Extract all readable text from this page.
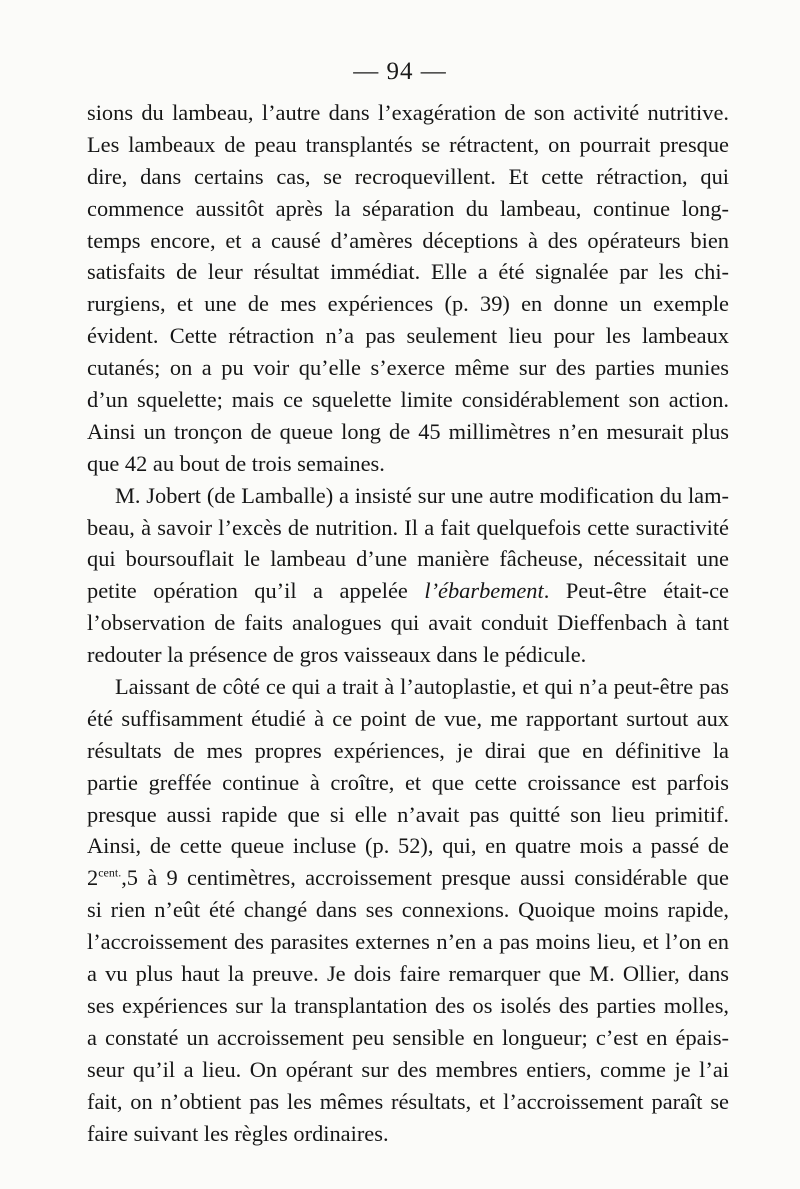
— 94 —
sions du lambeau, l’autre dans l’exagération de son activité nutritive.
Les lambeaux de peau transplantés se rétractent, on pourrait presque
dire, dans certains cas, se recroquevillent. Et cette rétraction, qui
commence aussitôt après la séparation du lambeau, continue long-
temps encore, et a causé d’amères déceptions à des opérateurs bien
satisfaits de leur résultat immédiat. Elle a été signalée par les chi-
rurgiens, et une de mes expériences (p. 39) en donne un exemple
évident. Cette rétraction n’a pas seulement lieu pour les lambeaux
cutanés; on a pu voir qu’elle s’exerce même sur des parties munies
d’un squelette; mais ce squelette limite considérablement son action.
Ainsi un tronçon de queue long de 45 millimètres n’en mesurait plus
que 42 au bout de trois semaines.
M. Jobert (de Lamballe) a insisté sur une autre modification du lam-
beau, à savoir l’excès de nutrition. Il a fait quelquefois cette suractivité
qui boursouflait le lambeau d’une manière fâcheuse, nécessitait une
petite opération qu’il a appelée l’ébarbement. Peut-être était-ce
l’observation de faits analogues qui avait conduit Dieffenbach à tant
redouter la présence de gros vaisseaux dans le pédicule.
Laissant de côté ce qui a trait à l’autoplastie, et qui n’a peut-être pas
été suffisamment étudié à ce point de vue, me rapportant surtout aux
résultats de mes propres expériences, je dirai que en définitive la
partie greffée continue à croître, et que cette croissance est parfois
presque aussi rapide que si elle n’avait pas quitté son lieu primitif.
Ainsi, de cette queue incluse (p. 52), qui, en quatre mois a passé de
$2^{cent.},5$ à 9 centimètres, accroissement presque aussi considérable que
si rien n’eût été changé dans ses connexions. Quoique moins rapide,
l’accroissement des parasites externes n’en a pas moins lieu, et l’on en
a vu plus haut la preuve. Je dois faire remarquer que M. Ollier, dans
ses expériences sur la transplantation des os isolés des parties molles,
a constaté un accroissement peu sensible en longueur; c’est en épais-
seur qu’il a lieu. On opérant sur des membres entiers, comme je l’ai
fait, on n’obtient pas les mêmes résultats, et l’accroissement paraît se
faire suivant les règles ordinaires.
